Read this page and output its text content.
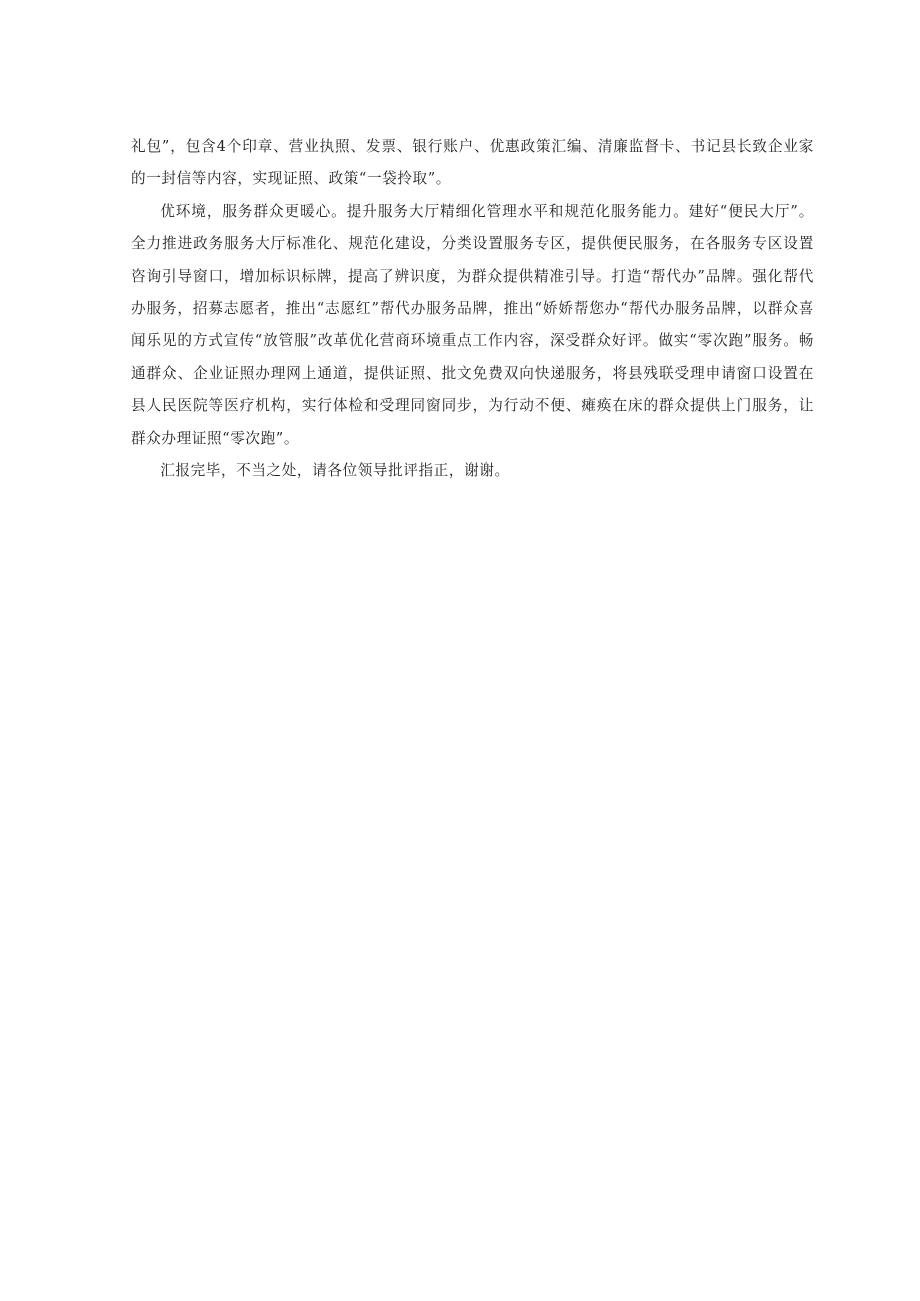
礼包”，包含4个印章、营业执照、发票、银行账户、优惠政策汇编、清廉监督卡、书记县长致企业家的一封信等内容，实现证照、政策“一袋拎取”。

优环境，服务群众更暖心。提升服务大厅精细化管理水平和规范化服务能力。建好“便民大厅”。全力推进政务服务大厅标准化、规范化建设，分类设置服务专区，提供便民服务，在各服务专区设置咨询引导窗口，增加标识标牌，提高了辨识度，为群众提供精准引导。打造“帮代办”品牌。强化帮代办服务，招募志愿者，推出“志愿红”帮代办服务品牌，推出“娇娇帮您办“帮代办服务品牌，以群众喜闻乐见的方式宣传“放管服”改革优化营商环境重点工作内容，深受群众好评。做实“零次跑”服务。畅通群众、企业证照办理网上通道，提供证照、批文免费双向快递服务，将县残联受理申请窗口设置在县人民医院等医疗机构，实行体检和受理同窗同步，为行动不便、瘫痪在床的群众提供上门服务，让群众办理证照“零次跑”。

汇报完毕，不当之处，请各位领导批评指正，谢谢。
